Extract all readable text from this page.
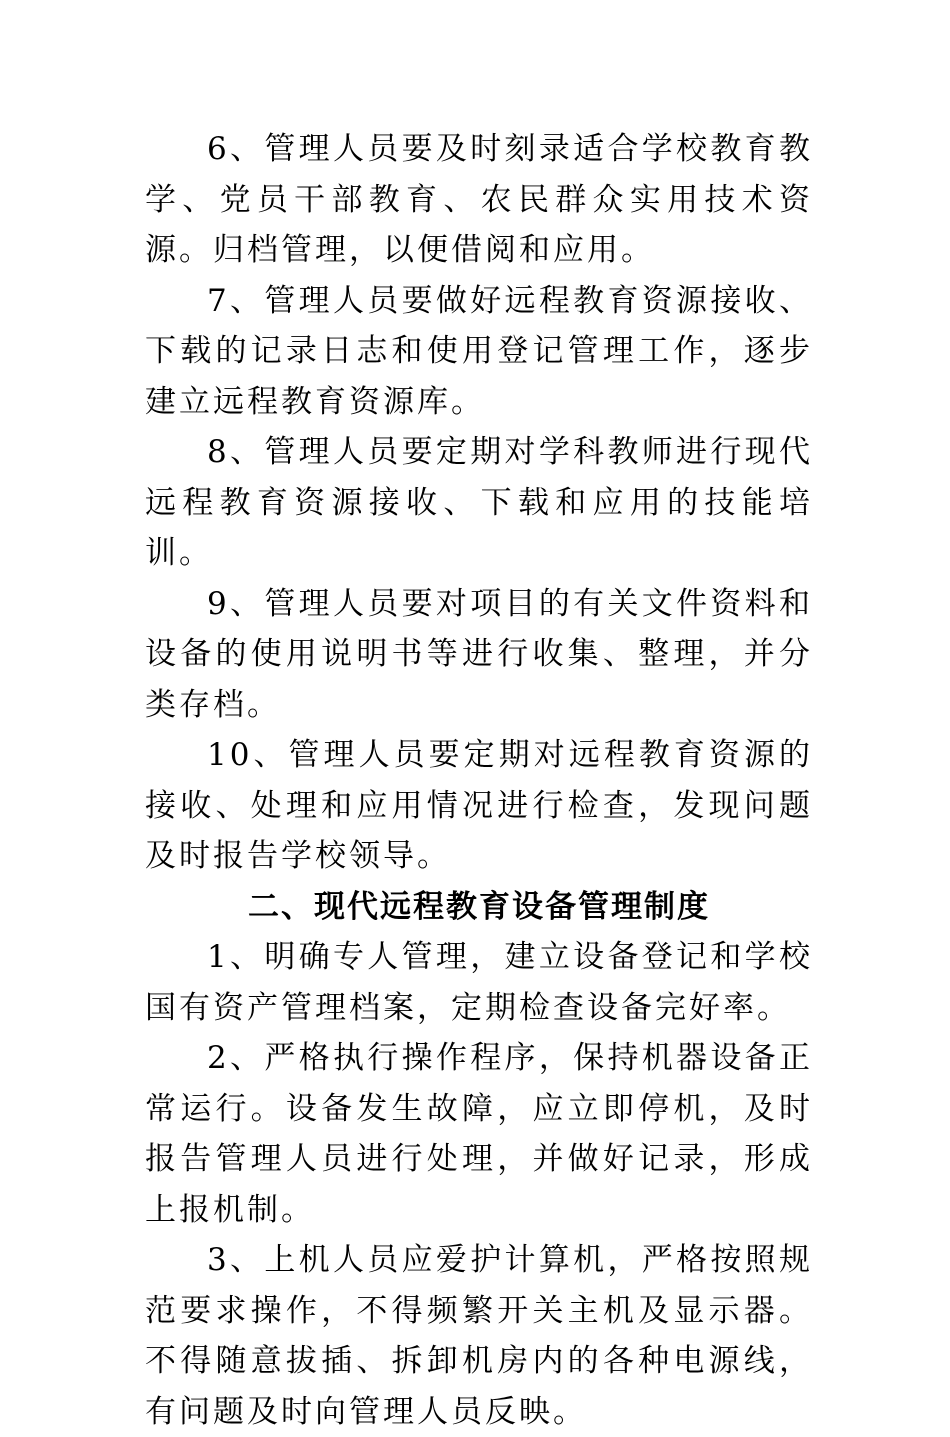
6、管理人员要及时刻录适合学校教育教学、党员干部教育、农民群众实用技术资源。归档管理，以便借阅和应用。

7、管理人员要做好远程教育资源接收、下载的记录日志和使用登记管理工作，逐步建立远程教育资源库。

8、管理人员要定期对学科教师进行现代远程教育资源接收、下载和应用的技能培训。

9、管理人员要对项目的有关文件资料和设备的使用说明书等进行收集、整理，并分类存档。

10、管理人员要定期对远程教育资源的接收、处理和应用情况进行检查，发现问题及时报告学校领导。

二、现代远程教育设备管理制度

1、明确专人管理，建立设备登记和学校国有资产管理档案，定期检查设备完好率。

2、严格执行操作程序，保持机器设备正常运行。设备发生故障，应立即停机，及时报告管理人员进行处理，并做好记录，形成上报机制。

3、上机人员应爱护计算机，严格按照规范要求操作，不得频繁开关主机及显示器。不得随意拔插、拆卸机房内的各种电源线，有问题及时向管理人员反映。
